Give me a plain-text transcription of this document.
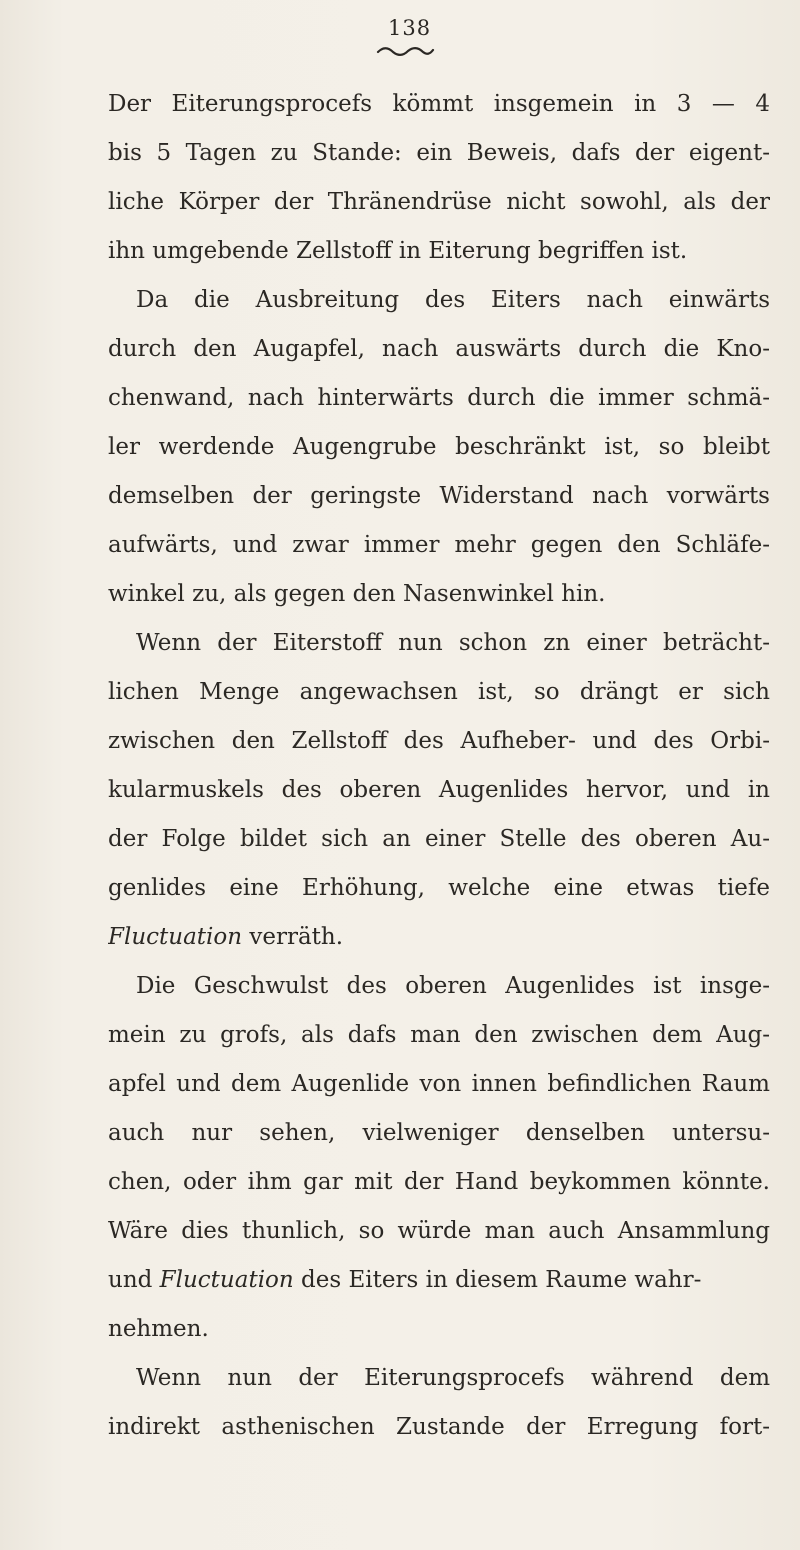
138
Der Eiterungsprocefs kömmt insgemein in 3 — 4
bis 5 Tagen zu Stande: ein Beweis, dafs der eigent-
liche Körper der Thränendrüse nicht sowohl, als der
ihn umgebende Zellstoff in Eiterung begriffen ist.
Da die Ausbreitung des Eiters nach einwärts
durch den Augapfel, nach auswärts durch die Kno-
chenwand, nach hinterwärts durch die immer schmä-
ler werdende Augengrube beschränkt ist, so bleibt
demselben der geringste Widerstand nach vorwärts
aufwärts, und zwar immer mehr gegen den Schläfe-
winkel zu, als gegen den Nasenwinkel hin.
Wenn der Eiterstoff nun schon zn einer beträcht-
lichen Menge angewachsen ist, so drängt er sich
zwischen den Zellstoff des Aufheber- und des Orbi-
kularmuskels des oberen Augenlides hervor, und in
der Folge bildet sich an einer Stelle des oberen Au-
genlides eine Erhöhung, welche eine etwas tiefe
Fluctuation verräth.
Die Geschwulst des oberen Augenlides ist insge-
mein zu grofs, als dafs man den zwischen dem Aug-
apfel und dem Augenlide von innen befindlichen Raum
auch nur sehen, vielweniger denselben untersu-
chen, oder ihm gar mit der Hand beykommen könnte.
Wäre dies thunlich, so würde man auch Ansammlung
und Fluctuation des Eiters in diesem Raume wahr-
nehmen.
Wenn nun der Eiterungsprocefs während dem
indirekt asthenischen Zustande der Erregung fort-
